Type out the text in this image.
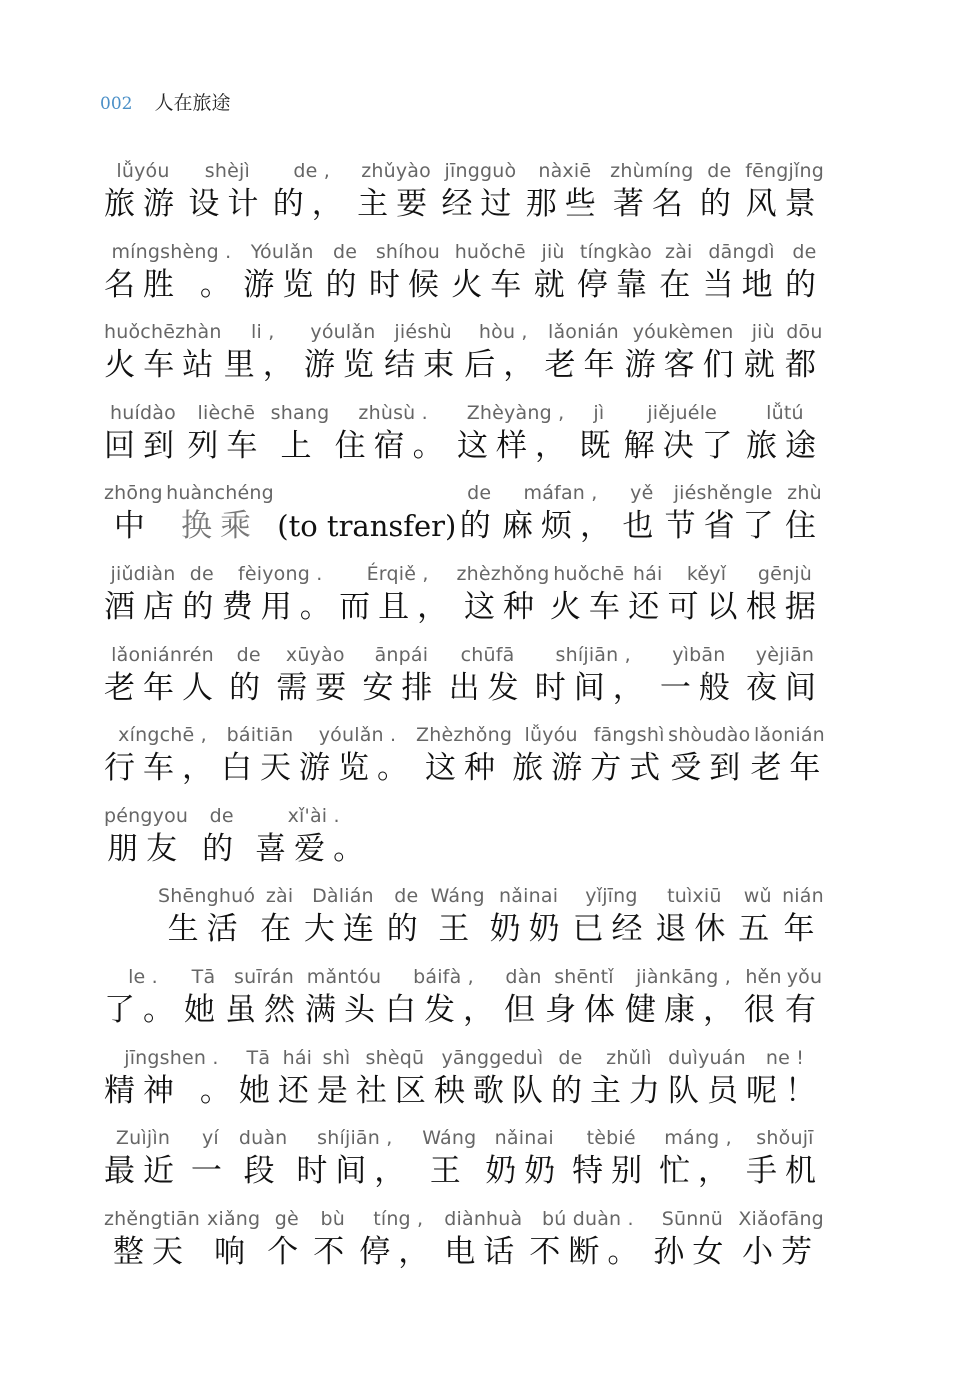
002 人在旅途
lǚyóu
旅游
shèjì
设计
de ,
的，
zhǔyào
主要
jīngguò
经过
nàxiē
那些
zhùmíng
著名
de
的
fēngjǐng
风景
míngshèng .
名胜 。
Yóulǎn
游览
de
的
shíhou
时候
huǒchē
火车
jiù
就
tíngkào
停靠
zài
在
dāngdì
当地
de
的
huǒchēzhàn
火车站
li ,
里，
yóulǎn
游览
jiéshù
结束
hòu ,
后，
lǎonián
老年
yóukèmen
游客们
jiù
就
dōu
都
huídào
回到
lièchē
列车
shang
上
zhùsù .
住宿。
Zhèyàng ,
这样，
jì
既
jiějuéle
解决了
lǚtú
旅途
zhōng
中
huànchéng
换乘 (to transfer)
de
的
máfan ,
麻烦，
yě
也
jiéshěngle
节省了
zhù
住
jiǔdiàn
酒店
de
的
fèiyong .
费用。
Érqiě ,
而且，
zhèzhǒng
这种
huǒchē
火车
hái
还
kěyǐ
可以
gēnjù
根据
lǎoniánrén
老年人
de
的
xūyào
需要
ānpái
安排
chūfā
出发
shíjiān ,
时间，
yìbān
一般
yèjiān
夜间
xíngchē ,
行车，
báitiān
白天
yóulǎn .
游览。
Zhèzhǒng
这种
lǚyóu
旅游
fāngshì
方式
shòudào
受到
lǎonián
老年
péngyou
朋友
de
的
xǐ'ài .
喜爱。
Shēnghuó
生活
zài
在
Dàlián
大连
de
的
Wáng
王
nǎinai
奶奶
yǐjīng
已经
tuìxiū
退休
wǔ
五
nián
年
le .
了。
Tā
她
suīrán
虽然
mǎntóu
满头
báifà ,
白发，
dàn
但
shēntǐ
身体
jiànkāng ,
健康，
hěn
很
yǒu
有
jīngshen .
精神 。
Tā
她
hái
还
shì
是
shèqū
社区
yānggeduì
秧歌队
de
的
zhǔlì
主力
duìyuán
队员
ne !
呢！
Zuìjìn
最近
yí
一
duàn
段
shíjiān ,
时间，
Wáng
王
nǎinai
奶奶
tèbié
特别
máng ,
忙，
shǒujī
手机
zhěngtiān
整天
xiǎng
响
gè
个
bù
不
tíng ,
停，
diànhuà
电话
bú duàn .
不断。
Sūnnü
孙女
Xiǎofāng
小芳
